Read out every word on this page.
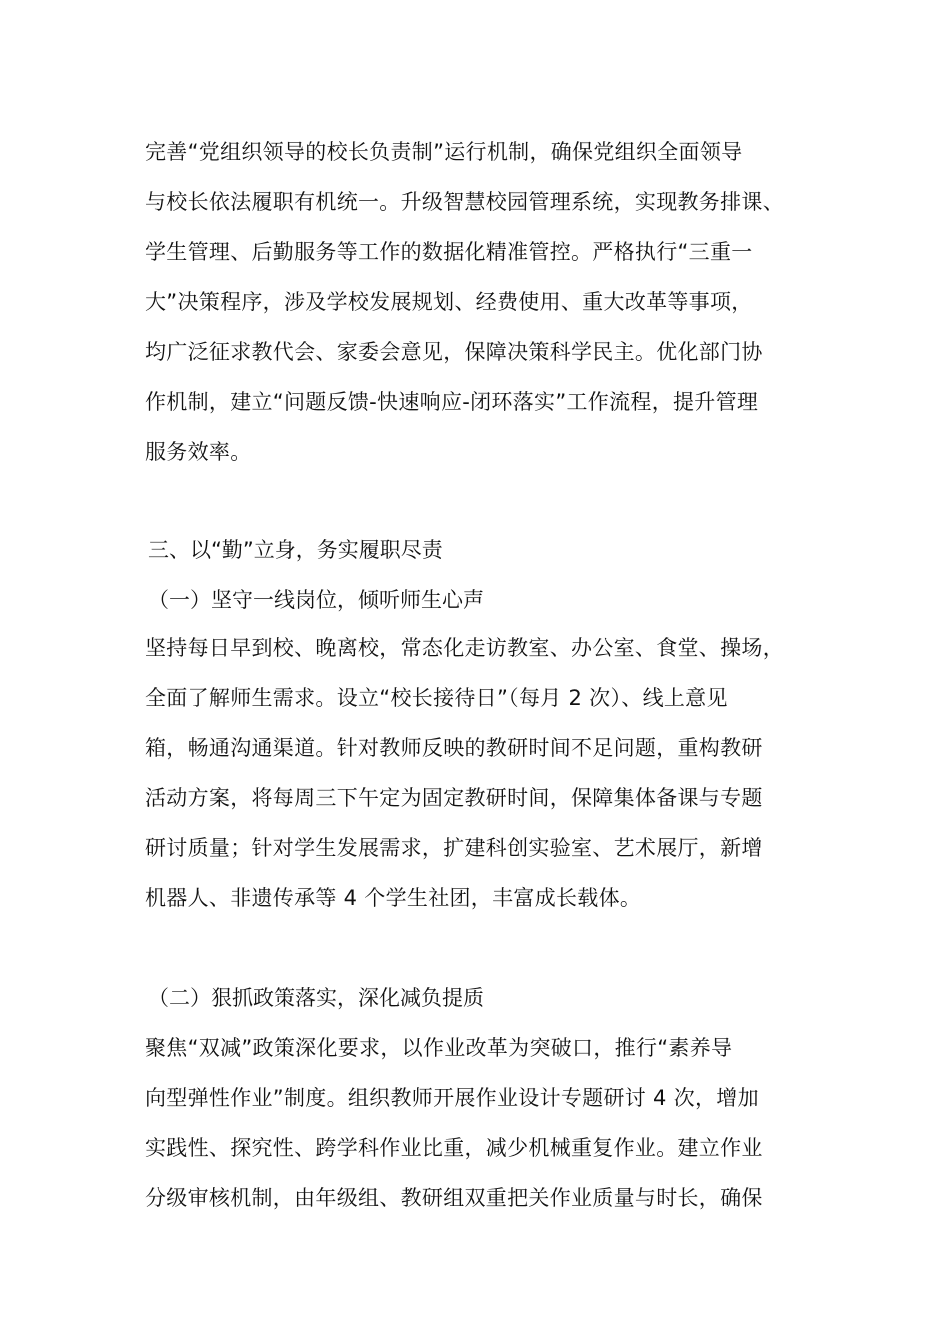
完善“党组织领导的校长负责制”运行机制，确保党组织全面领导
与校长依法履职有机统一。升级智慧校园管理系统，实现教务排课、
学生管理、后勤服务等工作的数据化精准管控。严格执行“三重一
大”决策程序，涉及学校发展规划、经费使用、重大改革等事项，
均广泛征求教代会、家委会意见，保障决策科学民主。优化部门协
作机制，建立“问题反馈-快速响应-闭环落实”工作流程，提升管理
服务效率。
三、以“勤”立身，务实履职尽责
（一）坚守一线岗位，倾听师生心声
坚持每日早到校、晚离校，常态化走访教室、办公室、食堂、操场，
全面了解师生需求。设立“校长接待日”（每月 2 次）、线上意见
箱，畅通沟通渠道。针对教师反映的教研时间不足问题，重构教研
活动方案，将每周三下午定为固定教研时间，保障集体备课与专题
研讨质量；针对学生发展需求，扩建科创实验室、艺术展厅，新增
机器人、非遗传承等 4 个学生社团，丰富成长载体。
（二）狠抓政策落实，深化减负提质
聚焦“双减”政策深化要求，以作业改革为突破口，推行“素养导
向型弹性作业”制度。组织教师开展作业设计专题研讨 4 次，增加
实践性、探究性、跨学科作业比重，减少机械重复作业。建立作业
分级审核机制，由年级组、教研组双重把关作业质量与时长，确保
